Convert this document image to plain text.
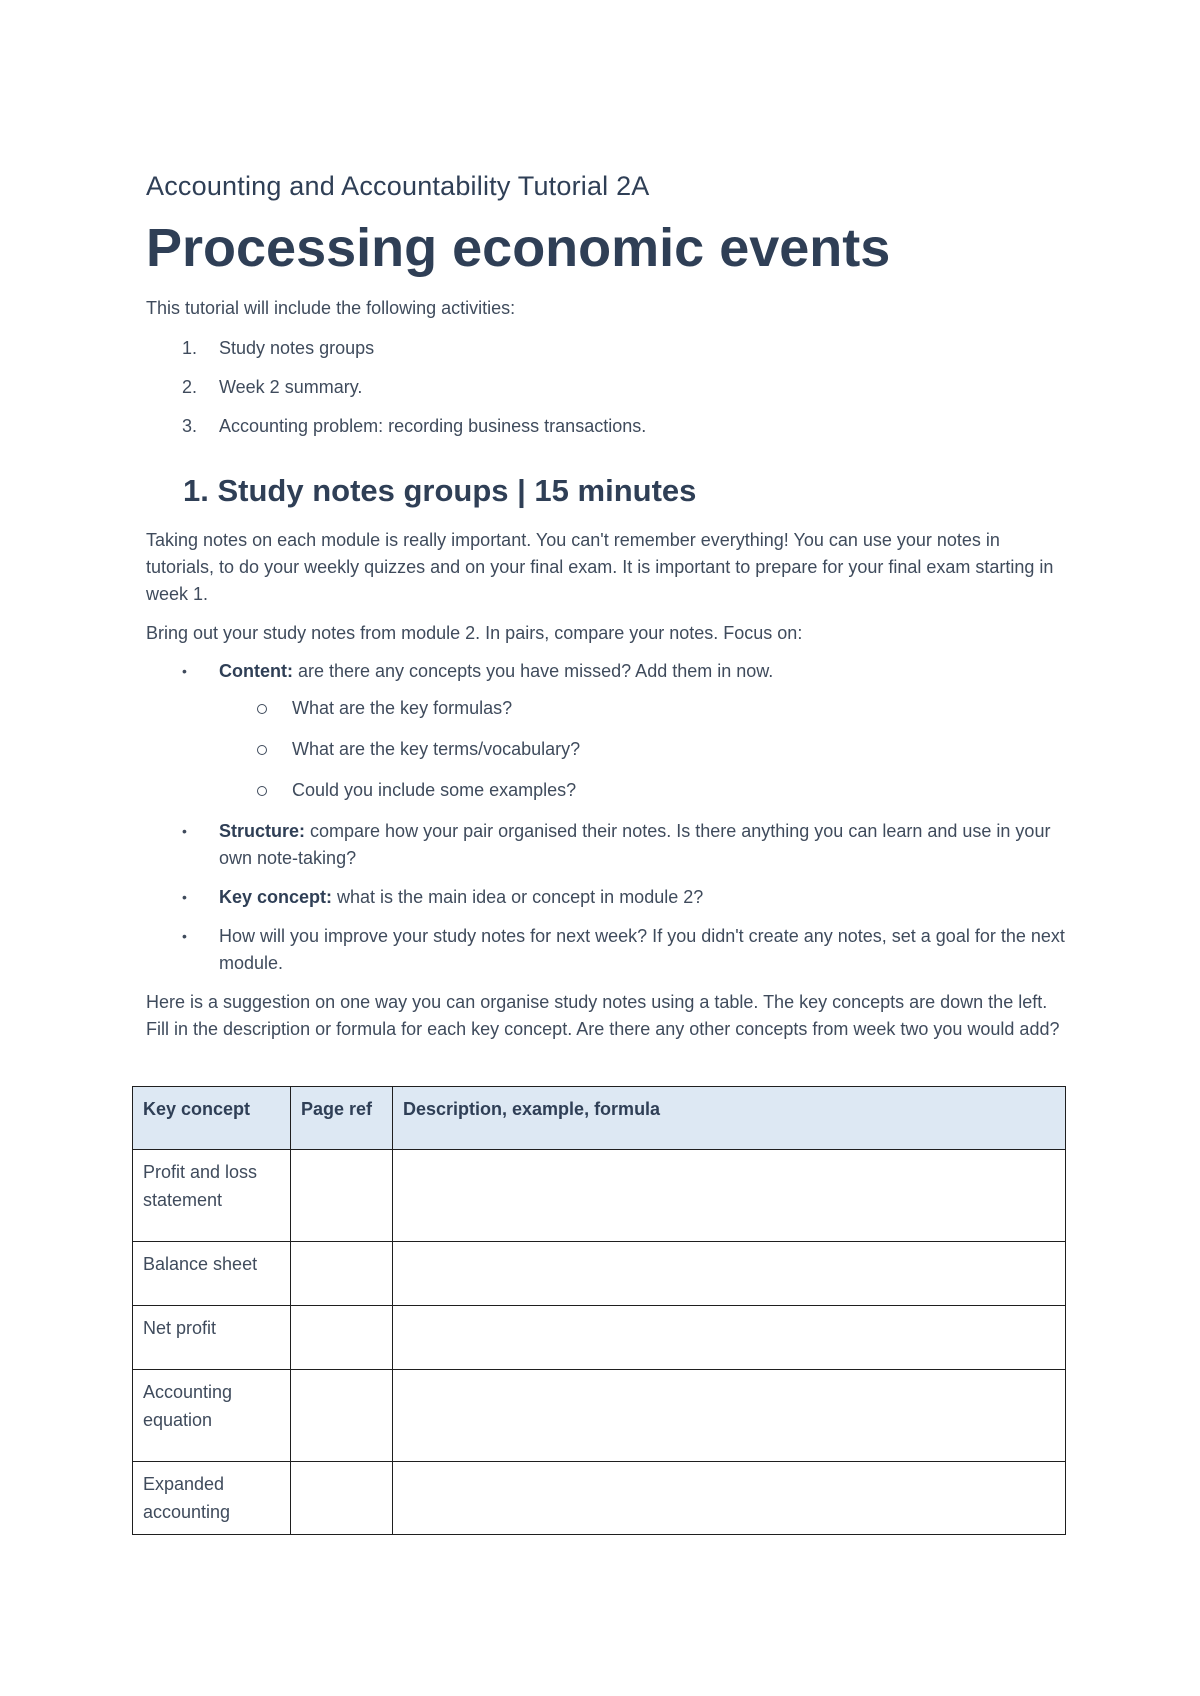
Accounting and Accountability Tutorial 2A

Processing economic events

This tutorial will include the following activities:

1. Study notes groups
2. Week 2 summary.
3. Accounting problem: recording business transactions.
1. Study notes groups | 15 minutes

Taking notes on each module is really important. You can't remember everything! You can use your notes in tutorials, to do your weekly quizzes and on your final exam. It is important to prepare for your final exam starting in week 1.

Bring out your study notes from module 2. In pairs, compare your notes. Focus on:

• Content: are there any concepts you have missed? Add them in now.
What are the key formulas?
What are the key terms/vocabulary?
Could you include some examples?
• Structure: compare how your pair organised their notes. Is there anything you can learn and use in your own note-taking?
• Key concept: what is the main idea or concept in module 2?
• How will you improve your study notes for next week? If you didn't create any notes, set a goal for the next module.

Here is a suggestion on one way you can organise study notes using a table. The key concepts are down the left. Fill in the description or formula for each key concept. Are there any other concepts from week two you would add?

Key concept	Page ref	Description, example, formula
Profit and loss statement		
Balance sheet		
Net profit		
Accounting equation		
Expanded accounting		
